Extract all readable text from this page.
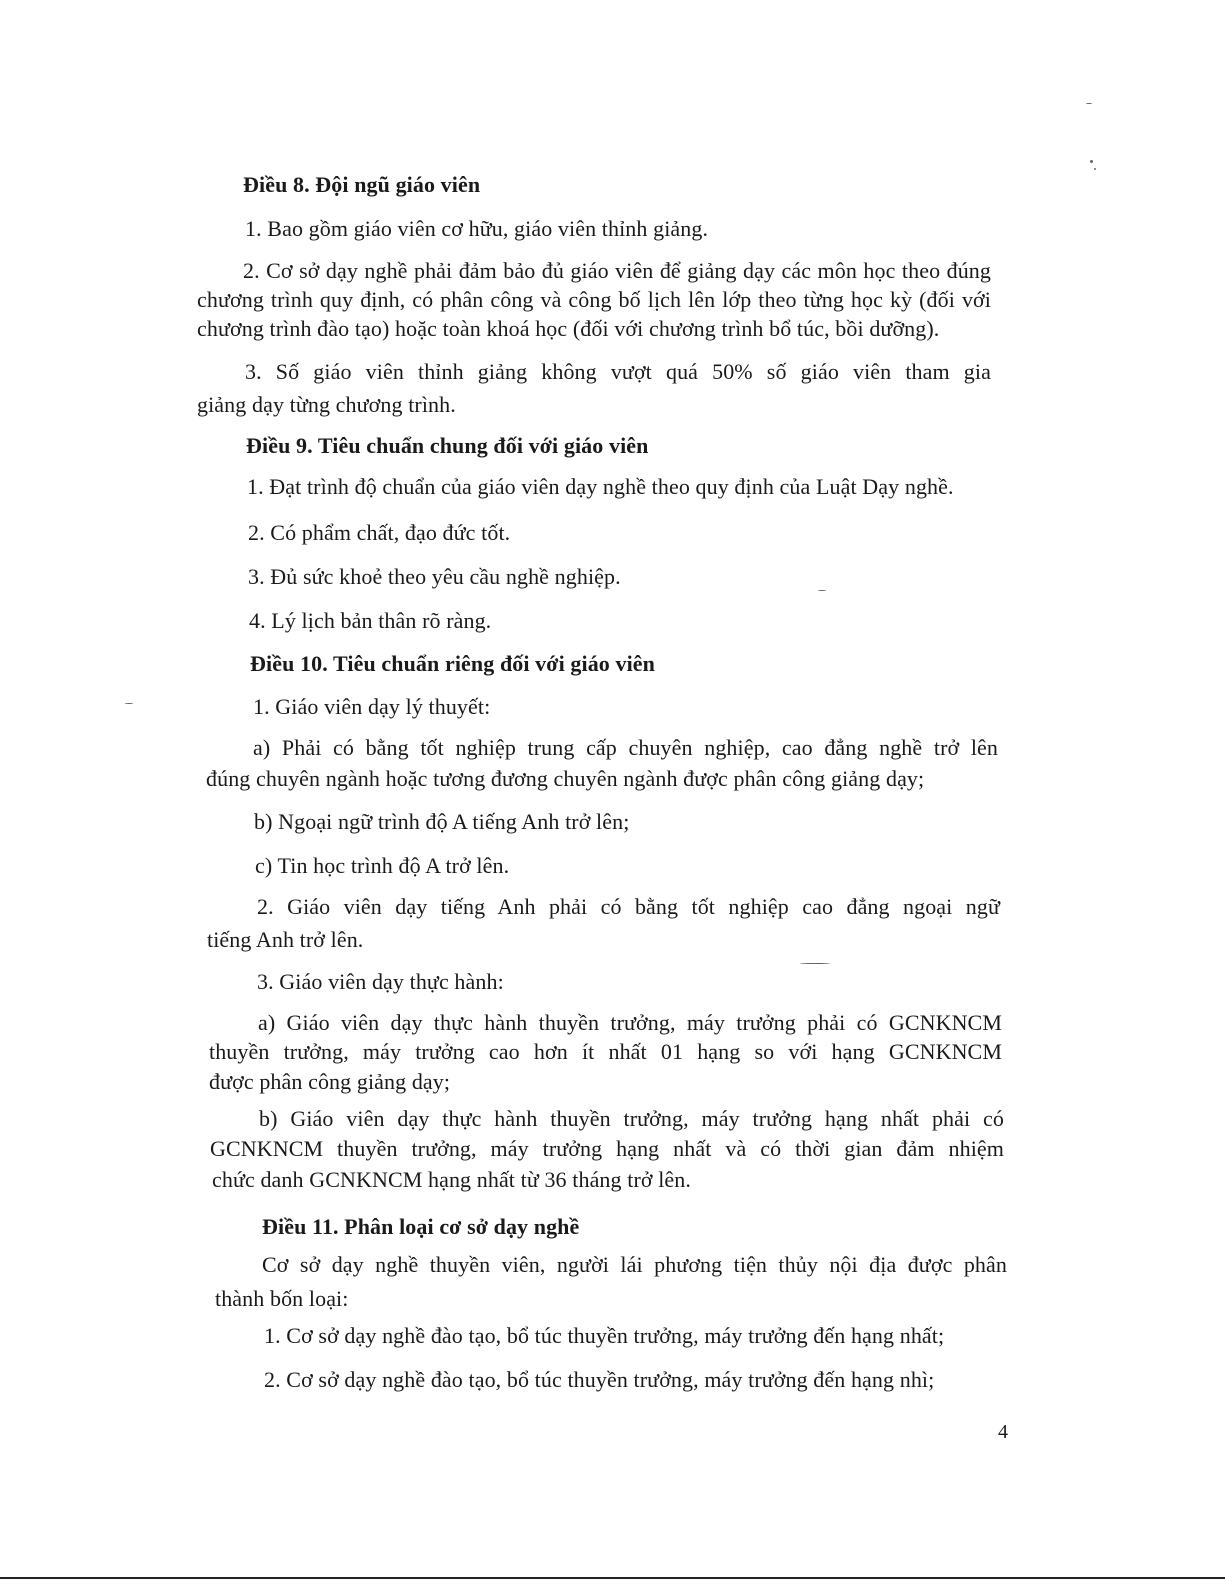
Điều 8. Đội ngũ giáo viên
1. Bao gồm giáo viên cơ hữu, giáo viên thỉnh giảng.
2. Cơ sở dạy nghề phải đảm bảo đủ giáo viên để giảng dạy các môn học theo đúng
chương trình quy định, có phân công và công bố lịch lên lớp theo từng học kỳ (đối với
chương trình đào tạo) hoặc toàn khoá học (đối với chương trình bổ túc, bồi dưỡng).
3. Số giáo viên thỉnh giảng không vượt quá 50% số giáo viên tham gia
giảng dạy từng chương trình.
Điều 9. Tiêu chuẩn chung đối với giáo viên
1. Đạt trình độ chuẩn của giáo viên dạy nghề theo quy định của Luật Dạy nghề.
2. Có phẩm chất, đạo đức tốt.
3. Đủ sức khoẻ theo yêu cầu nghề nghiệp.
4. Lý lịch bản thân rõ ràng.
Điều 10. Tiêu chuẩn riêng đối với giáo viên
1. Giáo viên dạy lý thuyết:
a) Phải có bằng tốt nghiệp trung cấp chuyên nghiệp, cao đẳng nghề trở lên
đúng chuyên ngành hoặc tương đương chuyên ngành được phân công giảng dạy;
b) Ngoại ngữ trình độ A tiếng Anh trở lên;
c) Tin học trình độ A trở lên.
2. Giáo viên dạy tiếng Anh phải có bằng tốt nghiệp cao đẳng ngoại ngữ
tiếng Anh trở lên.
3. Giáo viên dạy thực hành:
a) Giáo viên dạy thực hành thuyền trưởng, máy trưởng phải có GCNKNCM
thuyền trưởng, máy trưởng cao hơn ít nhất 01 hạng so với hạng GCNKNCM
được phân công giảng dạy;
b) Giáo viên dạy thực hành thuyền trưởng, máy trưởng hạng nhất phải có
GCNKNCM thuyền trưởng, máy trưởng hạng nhất và có thời gian đảm nhiệm
chức danh GCNKNCM hạng nhất từ 36 tháng trở lên.
Điều 11. Phân loại cơ sở dạy nghề
Cơ sở dạy nghề thuyền viên, người lái phương tiện thủy nội địa được phân
thành bốn loại:
1. Cơ sở dạy nghề đào tạo, bổ túc thuyền trưởng, máy trưởng đến hạng nhất;
2. Cơ sở dạy nghề đào tạo, bổ túc thuyền trưởng, máy trưởng đến hạng nhì;
4
